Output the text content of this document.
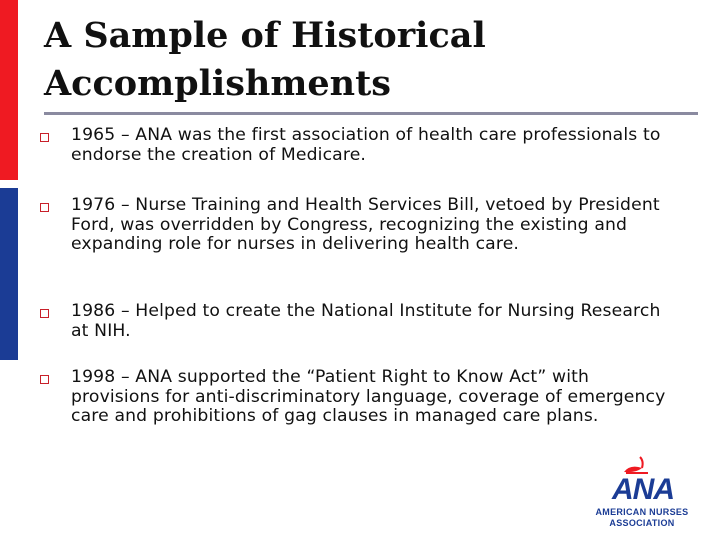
A Sample of Historical Accomplishments
1965 – ANA was the first association of health care professionals to endorse the creation of Medicare.
1976 – Nurse Training and Health Services Bill, vetoed by President Ford, was overridden by Congress, recognizing the existing and expanding role for nurses in delivering health care.
1986 – Helped to create the National Institute for Nursing Research at NIH.
1998 – ANA supported the “Patient Right to Know Act” with provisions for anti-discriminatory language, coverage of emergency care and prohibitions of gag clauses in managed care plans.
ANA
AMERICAN NURSES
ASSOCIATION
